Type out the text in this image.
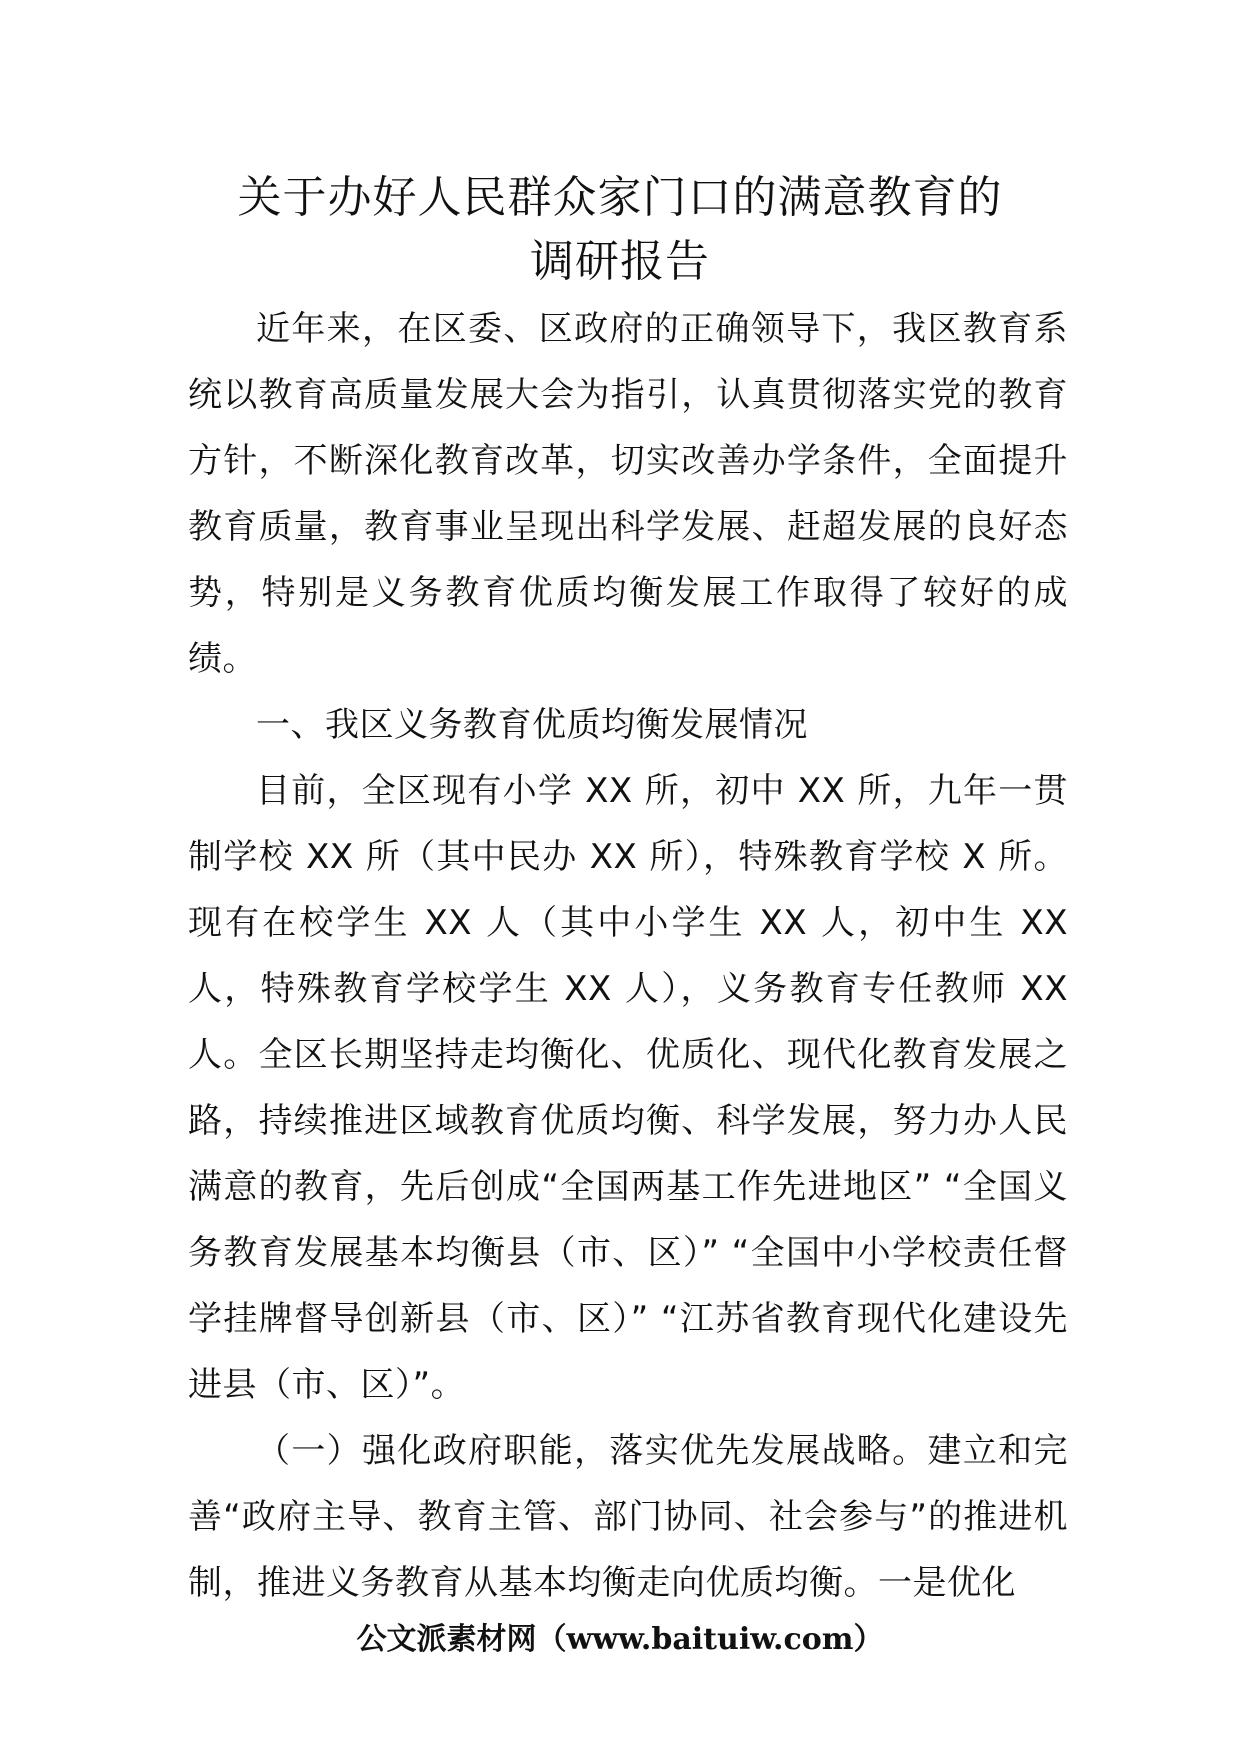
关于办好人民群众家门口的满意教育的
调研报告

近年来，在区委、区政府的正确领导下，我区教育系统以教育高质量发展大会为指引，认真贯彻落实党的教育方针，不断深化教育改革，切实改善办学条件，全面提升教育质量，教育事业呈现出科学发展、赶超发展的良好态势，特别是义务教育优质均衡发展工作取得了较好的成绩。

一、我区义务教育优质均衡发展情况

目前，全区现有小学 XX 所，初中 XX 所，九年一贯制学校 XX 所（其中民办 XX 所），特殊教育学校 X 所。现有在校学生 XX 人（其中小学生 XX 人，初中生 XX 人，特殊教育学校学生 XX 人），义务教育专任教师 XX 人。全区长期坚持走均衡化、优质化、现代化教育发展之路，持续推进区域教育优质均衡、科学发展，努力办人民满意的教育，先后创成“全国两基工作先进地区” “全国义务教育发展基本均衡县（市、区）” “全国中小学校责任督学挂牌督导创新县（市、区）” “江苏省教育现代化建设先进县（市、区）”。

（一）强化政府职能，落实优先发展战略。建立和完善“政府主导、教育主管、部门协同、社会参与”的推进机制，推进义务教育从基本均衡走向优质均衡。一是优化

公文派素材网（www.baituiw.com）
